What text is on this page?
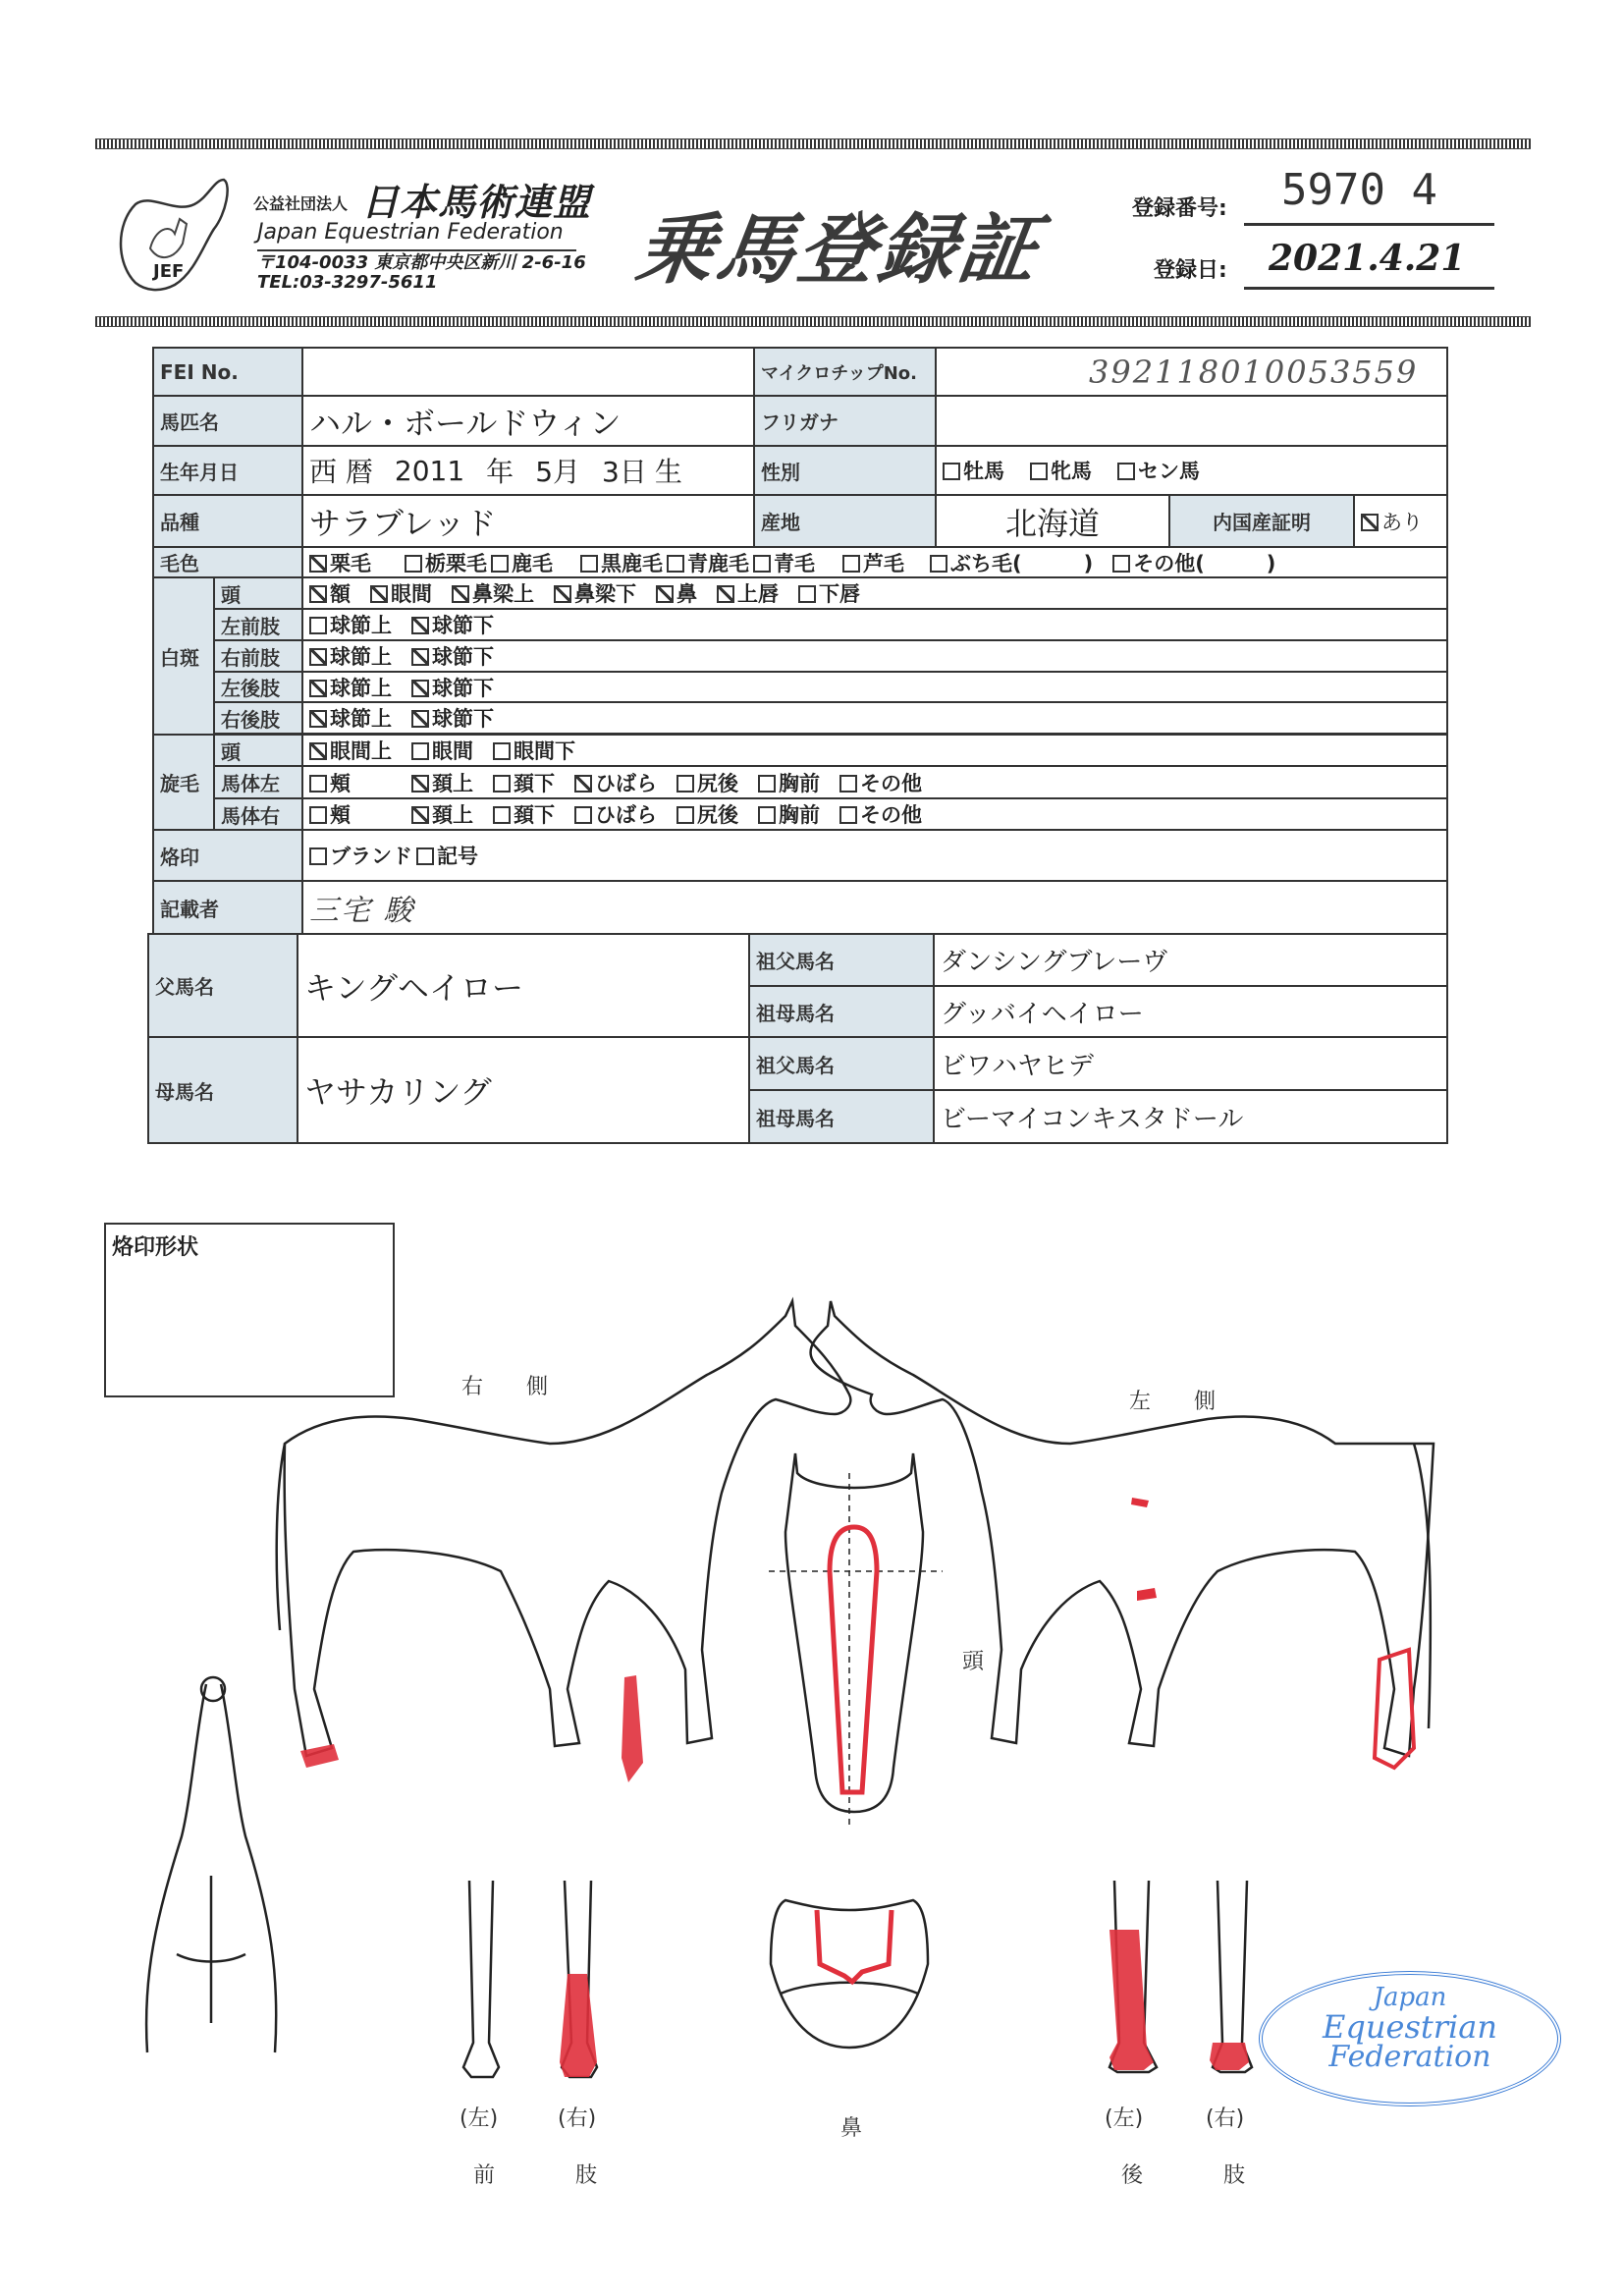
JEF
公益社団法人 日本馬術連盟
Japan Equestrian Federation
〒104-0033 東京都中央区新川 2-6-16
TEL:03-3297-5611	乗馬登録証	登録番号: 5970 4
登録日: 2021.4.21
FEI No.	マイクロチップNo.	392118010053559
馬匹名	ハル・ボールドウィン	フリガナ
生年月日	西 暦 2011 年 5月 3日 生	性別	牡馬	牝馬	セン馬
品種	サラブレッド	産地	北海道	内国産証明	あり
毛色	栗毛	栃栗毛	鹿毛	黒鹿毛	青鹿毛	青毛	芦毛	ぶち毛(　　　)	その他(　　　)
白斑
頭	額	眼間	鼻梁上	鼻梁下	鼻	上唇	下唇
左前肢	球節上	球節下
右前肢	球節上	球節下
左後肢	球節上	球節下
右後肢	球節上	球節下
旋毛
頭	眼間上	眼間	眼間下
馬体左	頬	頚上	頚下	ひばら	尻後	胸前	その他
馬体右	頬	頚上	頚下	ひばら	尻後	胸前	その他
烙印	ブランド	記号
記載者	三宅 駿
父馬名	キングヘイロー
祖父馬名	ダンシングブレーヴ
祖母馬名	グッバイヘイロー
母馬名	ヤサカリング
祖父馬名	ビワハヤヒデ
祖母馬名	ビーマイコンキスタドール
烙印形状
右側
左側
頭
(左)	(右)
前	肢
鼻	(左)	(右)
後	肢
Japan
Equestrian
Federation
